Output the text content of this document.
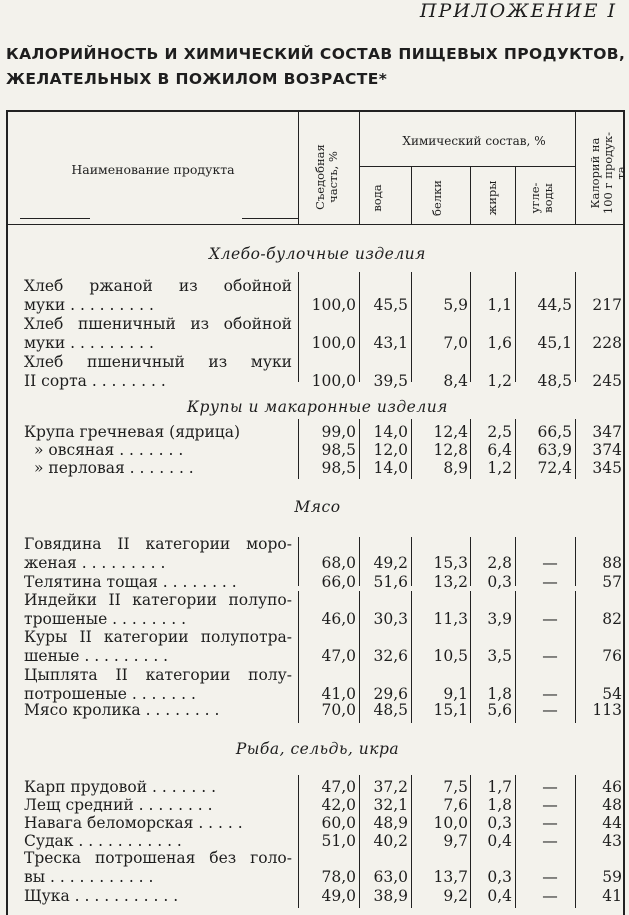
ПРИЛОЖЕНИЕ I
КАЛОРИЙНОСТЬ И ХИМИЧЕСКИЙ СОСТАВ ПИЩЕВЫХ ПРОДУКТОВ,
ЖЕЛАТЕЛЬНЫХ В ПОЖИЛОМ ВОЗРАСТЕ*
Наименование продукта	Съедобная часть, %
Химический состав, %
вода	белки	жиры	угле- воды	Калорий на 100 г продук- та
Хлебо-булочные изделия
Хлеб ржаной из обойной
муки . . . . . . . . .	100,0	45,5	5,9	1,1	44,5	217
Хлеб пшеничный из обойной
муки . . . . . . . . .	100,0	43,1	7,0	1,6	45,1	228
Хлеб пшеничный из муки
II сорта . . . . . . . .	100,0	39,5	8,4	1,2	48,5	245
Крупы и макаронные изделия
Крупа гречневая (ядрица)	99,0	14,0	12,4	2,5	66,5	347
» овсяная . . . . . . .	98,5	12,0	12,8	6,4	63,9	374
» перловая . . . . . . .	98,5	14,0	8,9	1,2	72,4	345
Мясо
Говядина II категории моро-
женая . . . . . . . . .	68,0	49,2	15,3	2,8	—	88
Телятина тощая . . . . . . . .	66,0	51,6	13,2	0,3	—	57
Индейки II категории полупо-
трошеные . . . . . . . .	46,0	30,3	11,3	3,9	—	82
Куры II категории полупотра-
шеные . . . . . . . . .	47,0	32,6	10,5	3,5	—	76
Цыплята II категории полу-
потрошеные . . . . . . .	41,0	29,6	9,1	1,8	—	54
Мясо кролика . . . . . . . .	70,0	48,5	15,1	5,6	—	113
Рыба, сельдь, икра
Карп прудовой . . . . . . .	47,0	37,2	7,5	1,7	—	46
Лещ средний . . . . . . . .	42,0	32,1	7,6	1,8	—	48
Навага беломорская . . . . .	60,0	48,9	10,0	0,3	—	44
Судак . . . . . . . . . . .	51,0	40,2	9,7	0,4	—	43
Треска потрошеная без голо-
вы . . . . . . . . . . .	78,0	63,0	13,7	0,3	—	59
Щука . . . . . . . . . . .	49,0	38,9	9,2	0,4	—	41
